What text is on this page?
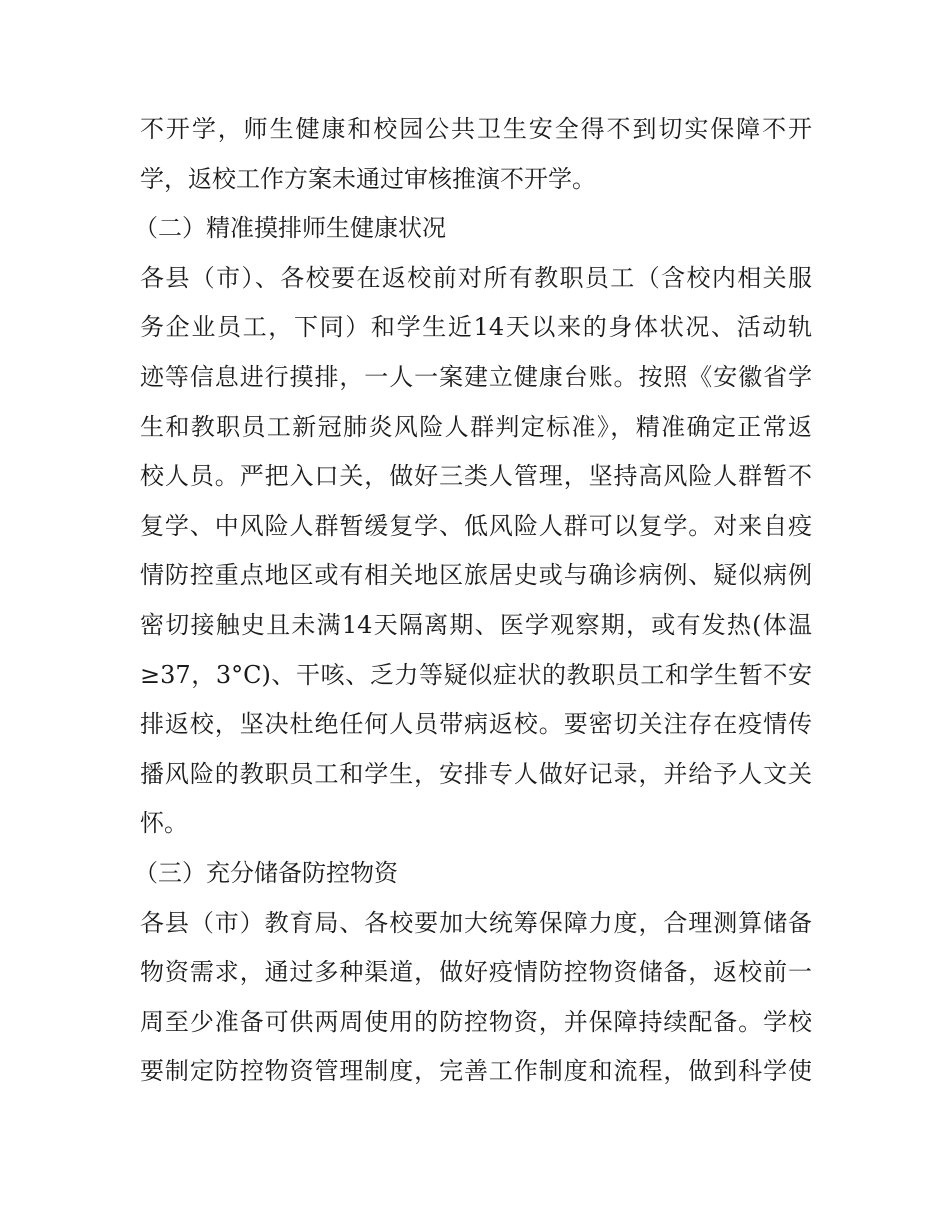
不开学，师生健康和校园公共卫生安全得不到切实保障不开
学，返校工作方案未通过审核推演不开学。
（二）精准摸排师生健康状况
各县（市）、各校要在返校前对所有教职员工（含校内相关服
务企业员工，下同）和学生近14天以来的身体状况、活动轨
迹等信息进行摸排，一人一案建立健康台账。按照《安徽省学
生和教职员工新冠肺炎风险人群判定标准》，精准确定正常返
校人员。严把入口关，做好三类人管理，坚持高风险人群暂不
复学、中风险人群暂缓复学、低风险人群可以复学。对来自疫
情防控重点地区或有相关地区旅居史或与确诊病例、疑似病例
密切接触史且未满14天隔离期、医学观察期，或有发热(体温
≥37，3°C)、干咳、乏力等疑似症状的教职员工和学生暂不安
排返校，坚决杜绝任何人员带病返校。要密切关注存在疫情传
播风险的教职员工和学生，安排专人做好记录，并给予人文关
怀。
（三）充分储备防控物资
各县（市）教育局、各校要加大统筹保障力度，合理测算储备
物资需求，通过多种渠道，做好疫情防控物资储备，返校前一
周至少准备可供两周使用的防控物资，并保障持续配备。学校
要制定防控物资管理制度，完善工作制度和流程，做到科学使
